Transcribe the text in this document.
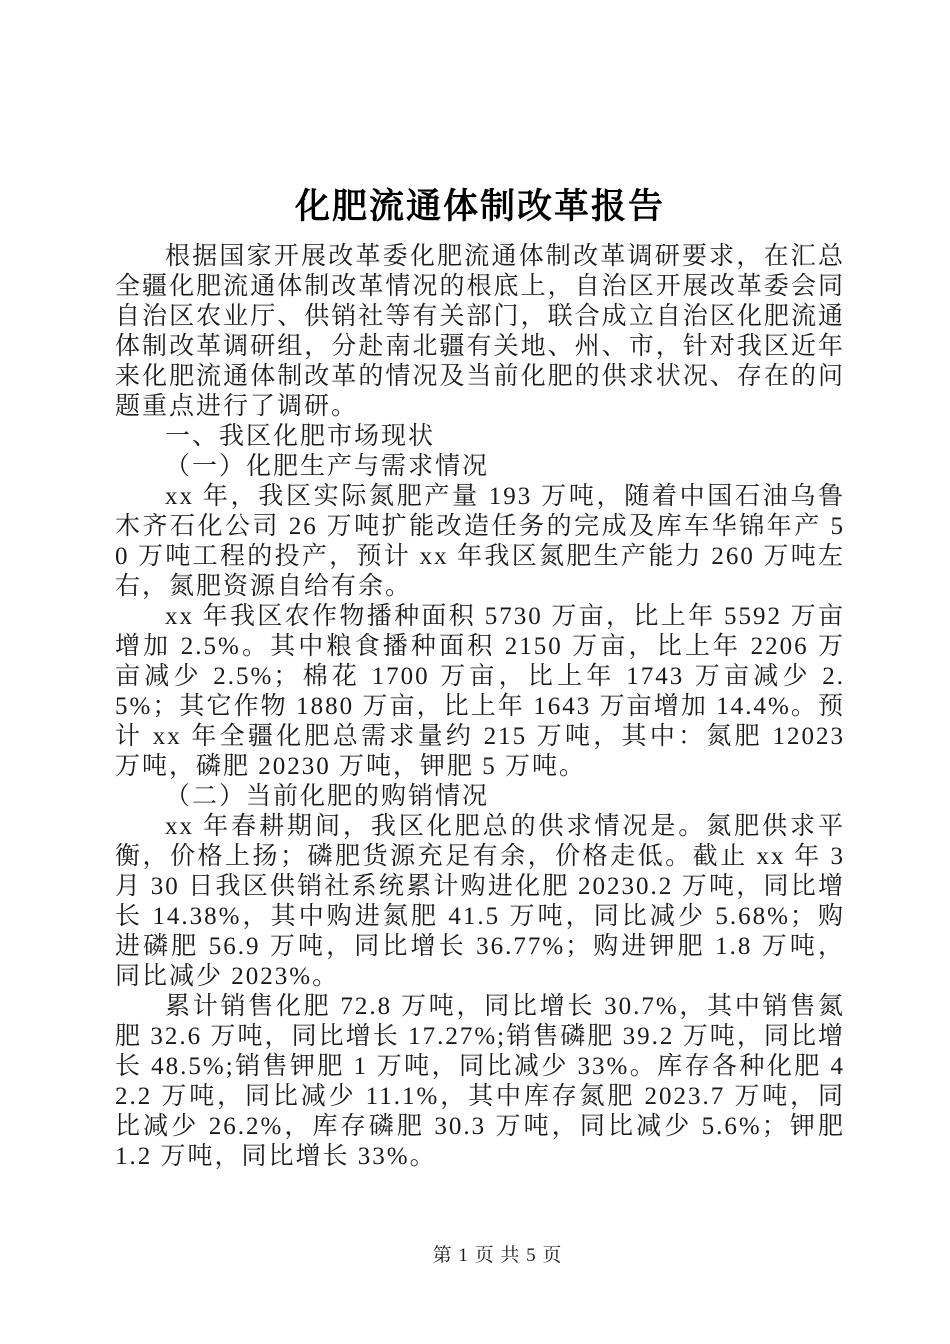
化肥流通体制改革报告

根据国家开展改革委化肥流通体制改革调研要求，在汇总全疆化肥流通体制改革情况的根底上，自治区开展改革委会同自治区农业厅、供销社等有关部门，联合成立自治区化肥流通体制改革调研组，分赴南北疆有关地、州、市，针对我区近年来化肥流通体制改革的情况及当前化肥的供求状况、存在的问题重点进行了调研。

一、我区化肥市场现状

（一）化肥生产与需求情况

xx 年，我区实际氮肥产量 193 万吨，随着中国石油乌鲁木齐石化公司 26 万吨扩能改造任务的完成及库车华锦年产 50 万吨工程的投产，预计 xx 年我区氮肥生产能力 260 万吨左右，氮肥资源自给有余。

xx 年我区农作物播种面积 5730 万亩，比上年 5592 万亩增加 2.5%。其中粮食播种面积 2150 万亩，比上年 2206 万亩减少 2.5%；棉花 1700 万亩，比上年 1743 万亩减少 2.5%；其它作物 1880 万亩，比上年 1643 万亩增加 14.4%。预计 xx 年全疆化肥总需求量约 215 万吨，其中：氮肥 12023 万吨，磷肥 20230 万吨，钾肥 5 万吨。

（二）当前化肥的购销情况

xx 年春耕期间，我区化肥总的供求情况是。氮肥供求平衡，价格上扬；磷肥货源充足有余，价格走低。截止 xx 年 3 月 30 日我区供销社系统累计购进化肥 20230.2 万吨，同比增长 14.38%，其中购进氮肥 41.5 万吨，同比减少 5.68%；购进磷肥 56.9 万吨，同比增长 36.77%；购进钾肥 1.8 万吨，同比减少 2023%。

累计销售化肥 72.8 万吨，同比增长 30.7%，其中销售氮肥 32.6 万吨，同比增长 17.27%;销售磷肥 39.2 万吨，同比增长 48.5%;销售钾肥 1 万吨，同比减少 33%。库存各种化肥 42.2 万吨，同比减少 11.1%，其中库存氮肥 2023.7 万吨，同比减少 26.2%，库存磷肥 30.3 万吨，同比减少 5.6%；钾肥 1.2 万吨，同比增长 33%。

第 1 页 共 5 页
